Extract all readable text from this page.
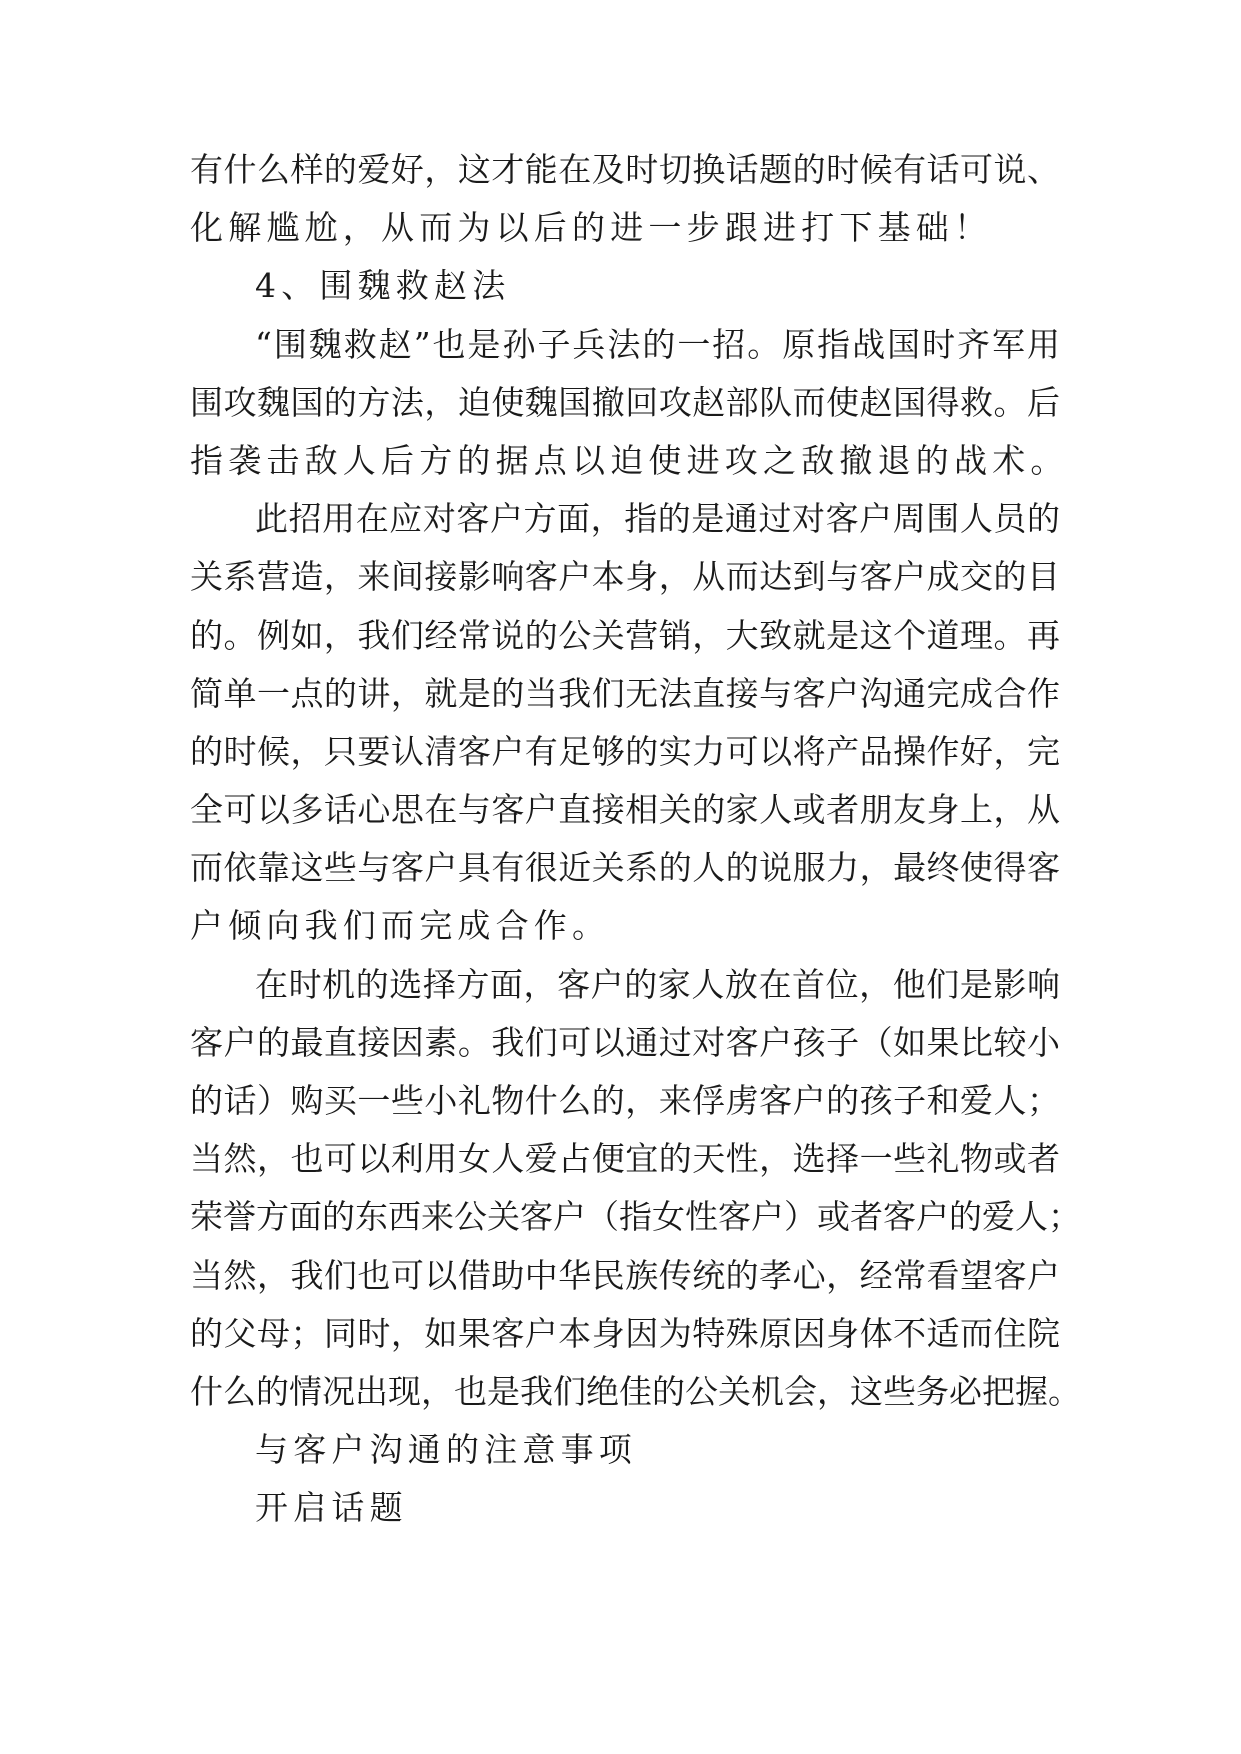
有什么样的爱好，这才能在及时切换话题的时候有话可说、
化解尴尬，从而为以后的进一步跟进打下基础！
4、围魏救赵法
“围魏救赵”也是孙子兵法的一招。原指战国时齐军用
围攻魏国的方法，迫使魏国撤回攻赵部队而使赵国得救。后
指袭击敌人后方的据点以迫使进攻之敌撤退的战术。
此招用在应对客户方面，指的是通过对客户周围人员的
关系营造，来间接影响客户本身，从而达到与客户成交的目
的。例如，我们经常说的公关营销，大致就是这个道理。再
简单一点的讲，就是的当我们无法直接与客户沟通完成合作
的时候，只要认清客户有足够的实力可以将产品操作好，完
全可以多话心思在与客户直接相关的家人或者朋友身上，从
而依靠这些与客户具有很近关系的人的说服力，最终使得客
户倾向我们而完成合作。
在时机的选择方面，客户的家人放在首位，他们是影响
客户的最直接因素。我们可以通过对客户孩子（如果比较小
的话）购买一些小礼物什么的，来俘虏客户的孩子和爱人；
当然，也可以利用女人爱占便宜的天性，选择一些礼物或者
荣誉方面的东西来公关客户（指女性客户）或者客户的爱人；
当然，我们也可以借助中华民族传统的孝心，经常看望客户
的父母；同时，如果客户本身因为特殊原因身体不适而住院
什么的情况出现，也是我们绝佳的公关机会，这些务必把握。
与客户沟通的注意事项
开启话题
